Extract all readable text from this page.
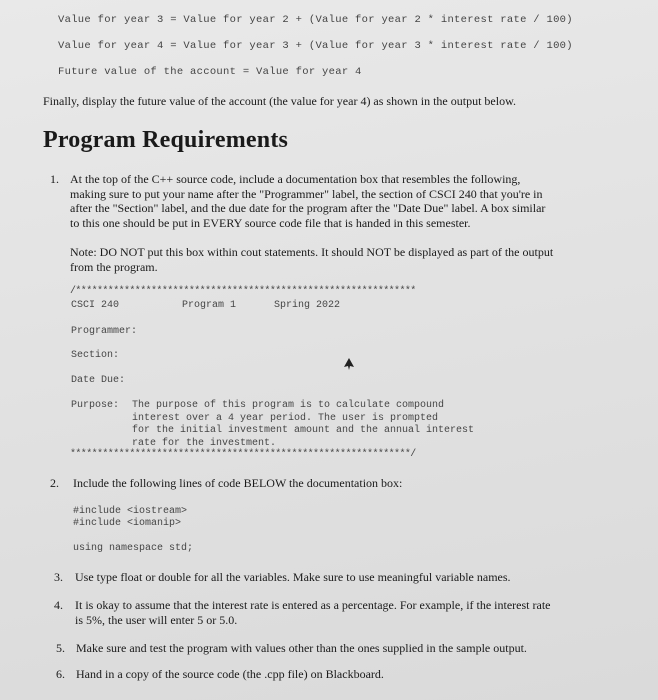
Value for year 3 = Value for year 2 + (Value for year 2 * interest rate / 100)
Value for year 4 = Value for year 3 + (Value for year 3 * interest rate / 100)
Future value of the account = Value for year 4
Finally, display the future value of the account (the value for year 4) as shown in the output below.
Program Requirements
1. At the top of the C++ source code, include a documentation box that resembles the following,
making sure to put your name after the "Programmer" label, the section of CSCI 240 that you're in
after the "Section" label, and the due date for the program after the "Date Due" label. A box similar
to this one should be put in EVERY source code file that is handed in this semester.
Note: DO NOT put this box within cout statements. It should NOT be displayed as part of the output
from the program.
/***************************************************************
CSCI 240	Program 1	Spring 2022
Programmer:
Section:
Date Due:
Purpose: The purpose of this program is to calculate compound
interest over a 4 year period. The user is prompted
for the initial investment amount and the annual interest
rate for the investment.
***************************************************************/
2. Include the following lines of code BELOW the documentation box:
#include <iostream>
#include <iomanip>
using namespace std;
3. Use type float or double for all the variables. Make sure to use meaningful variable names.
4. It is okay to assume that the interest rate is entered as a percentage. For example, if the interest rate
is 5%, the user will enter 5 or 5.0.
5. Make sure and test the program with values other than the ones supplied in the sample output.
6. Hand in a copy of the source code (the .cpp file) on Blackboard.
